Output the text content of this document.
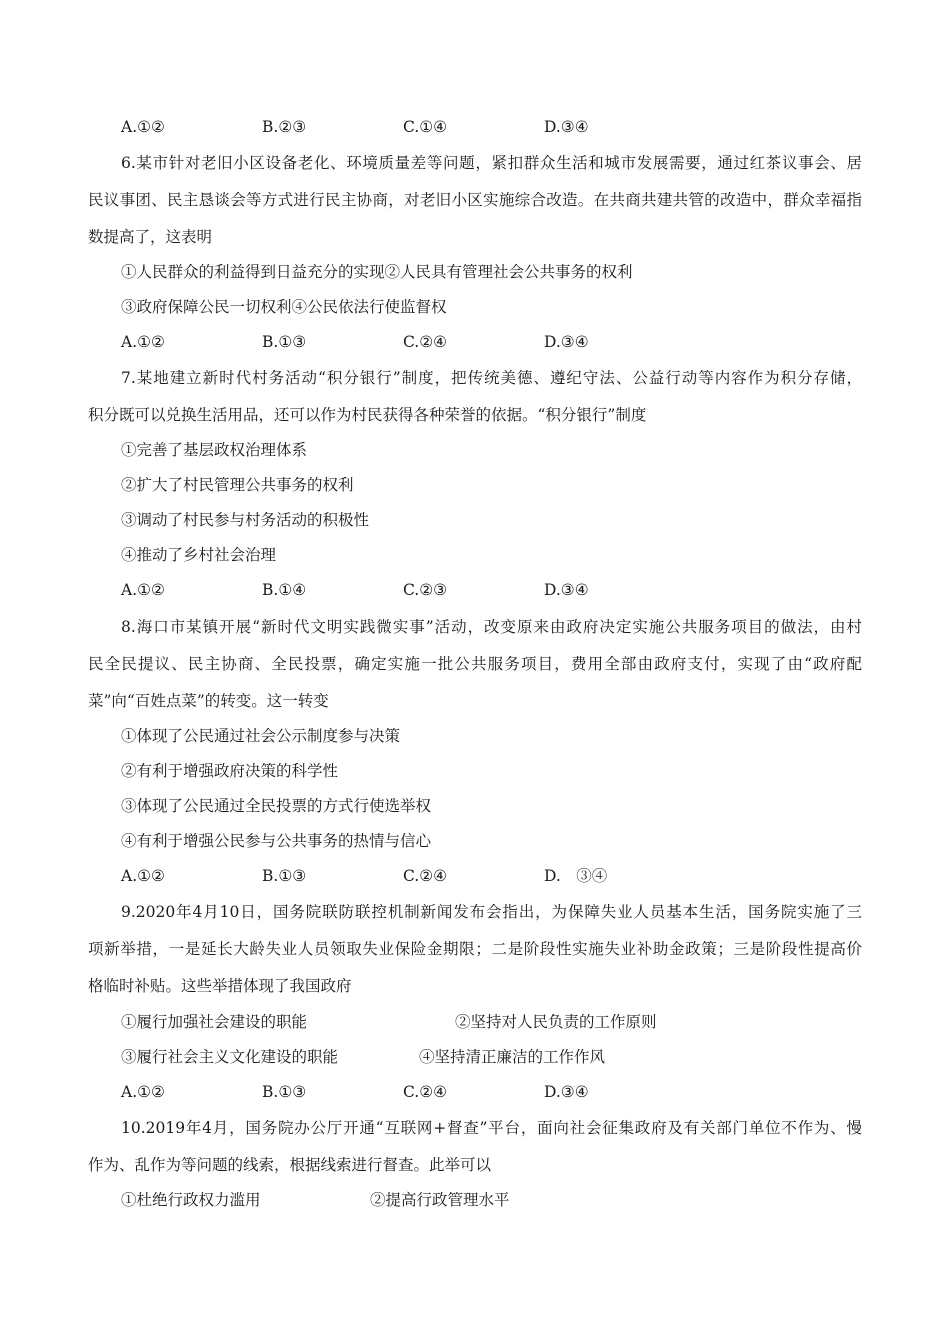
A.①②	B.②③	C.①④	D.③④
6.某市针对老旧小区设备老化、环境质量差等问题，紧扣群众生活和城市发展需要，通过红茶议事会、居
民议事团、民主恳谈会等方式进行民主协商，对老旧小区实施综合改造。在共商共建共管的改造中，群众幸福指
数提高了，这表明
①人民群众的利益得到日益充分的实现②人民具有管理社会公共事务的权利
③政府保障公民一切权利④公民依法行使监督权
A.①②	B.①③	C.②④	D.③④
7.某地建立新时代村务活动“积分银行”制度，把传统美德、遵纪守法、公益行动等内容作为积分存储，
积分既可以兑换生活用品，还可以作为村民获得各种荣誉的依据。“积分银行”制度
①完善了基层政权治理体系
②扩大了村民管理公共事务的权利
③调动了村民参与村务活动的积极性
④推动了乡村社会治理
A.①②	B.①④	C.②③	D.③④
8.海口市某镇开展“新时代文明实践微实事”活动，改变原来由政府决定实施公共服务项目的做法，由村
民全民提议、民主协商、全民投票，确定实施一批公共服务项目，费用全部由政府支付，实现了由“政府配
菜”向“百姓点菜”的转变。这一转变
①体现了公民通过社会公示制度参与决策
②有利于增强政府决策的科学性
③体现了公民通过全民投票的方式行使选举权
④有利于增强公民参与公共事务的热情与信心
A.①②	B.①③	C.②④	D.　③④
9.2020年4月10日，国务院联防联控机制新闻发布会指出，为保障失业人员基本生活，国务院实施了三
项新举措，一是延长大龄失业人员领取失业保险金期限；二是阶段性实施失业补助金政策；三是阶段性提高价
格临时补贴。这些举措体现了我国政府
①履行加强社会建设的职能	②坚持对人民负责的工作原则
③履行社会主义文化建设的职能	④坚持清正廉洁的工作作风
A.①②	B.①③	C.②④	D.③④
10.2019年4月，国务院办公厅开通“互联网+督查”平台，面向社会征集政府及有关部门单位不作为、慢
作为、乱作为等问题的线索，根据线索进行督查。此举可以
①杜绝行政权力滥用	②提高行政管理水平
